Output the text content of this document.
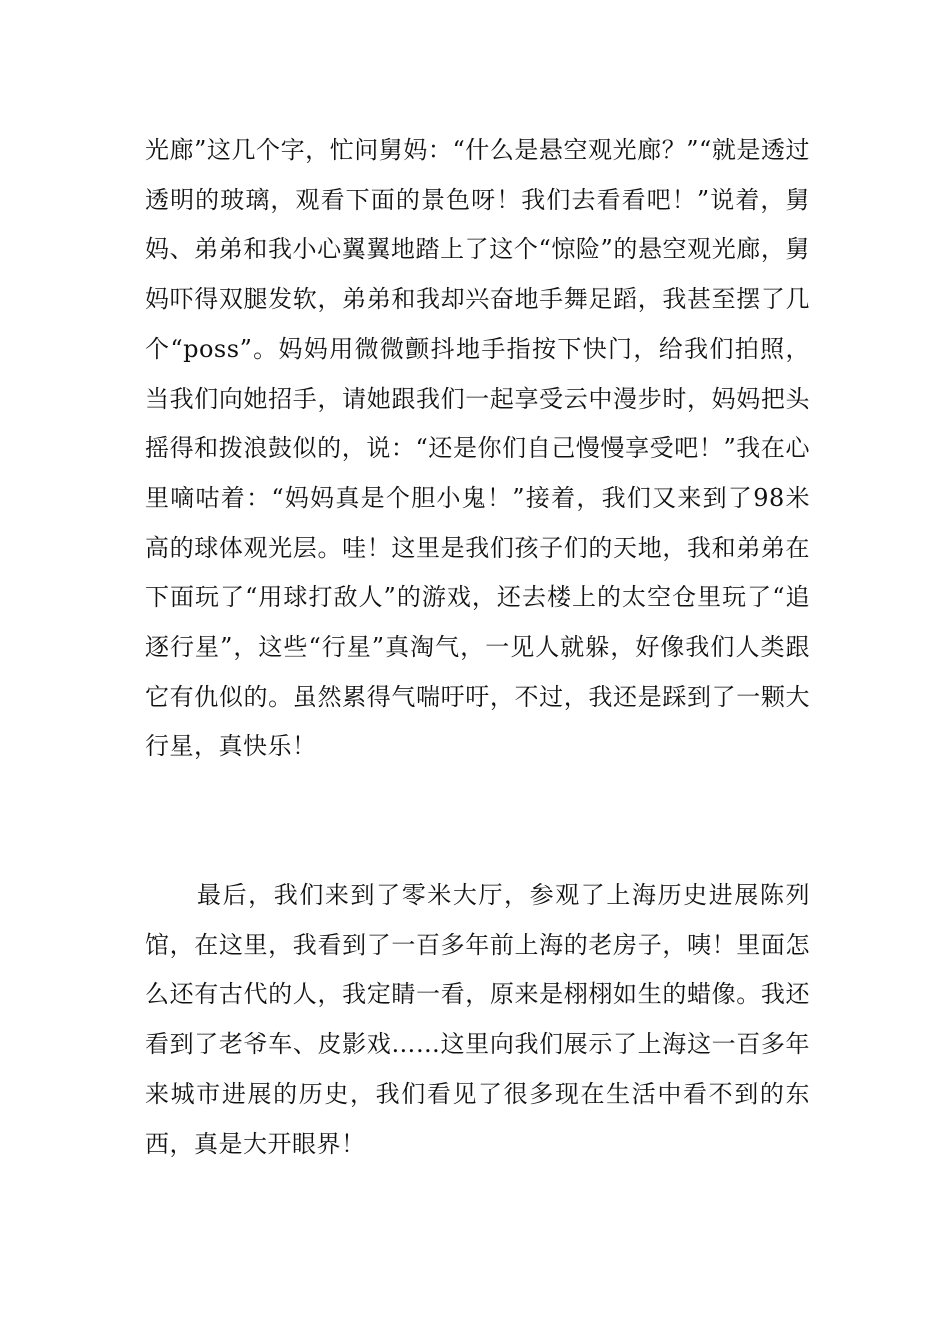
光廊”这几个字，忙问舅妈：“什么是悬空观光廊？”“就是透过透明的玻璃，观看下面的景色呀！我们去看看吧！”说着，舅妈、弟弟和我小心翼翼地踏上了这个“惊险”的悬空观光廊，舅妈吓得双腿发软，弟弟和我却兴奋地手舞足蹈，我甚至摆了几个“poss”。妈妈用微微颤抖地手指按下快门，给我们拍照，当我们向她招手，请她跟我们一起享受云中漫步时，妈妈把头摇得和拨浪鼓似的，说：“还是你们自己慢慢享受吧！”我在心里嘀咕着：“妈妈真是个胆小鬼！”接着，我们又来到了98米高的球体观光层。哇！这里是我们孩子们的天地，我和弟弟在下面玩了“用球打敌人”的游戏，还去楼上的太空仓里玩了“追逐行星”，这些“行星”真淘气，一见人就躲，好像我们人类跟它有仇似的。虽然累得气喘吁吁，不过，我还是踩到了一颗大行星，真快乐！

最后，我们来到了零米大厅，参观了上海历史进展陈列馆，在这里，我看到了一百多年前上海的老房子，咦！里面怎么还有古代的人，我定睛一看，原来是栩栩如生的蜡像。我还看到了老爷车、皮影戏……这里向我们展示了上海这一百多年来城市进展的历史，我们看见了很多现在生活中看不到的东西，真是大开眼界！
